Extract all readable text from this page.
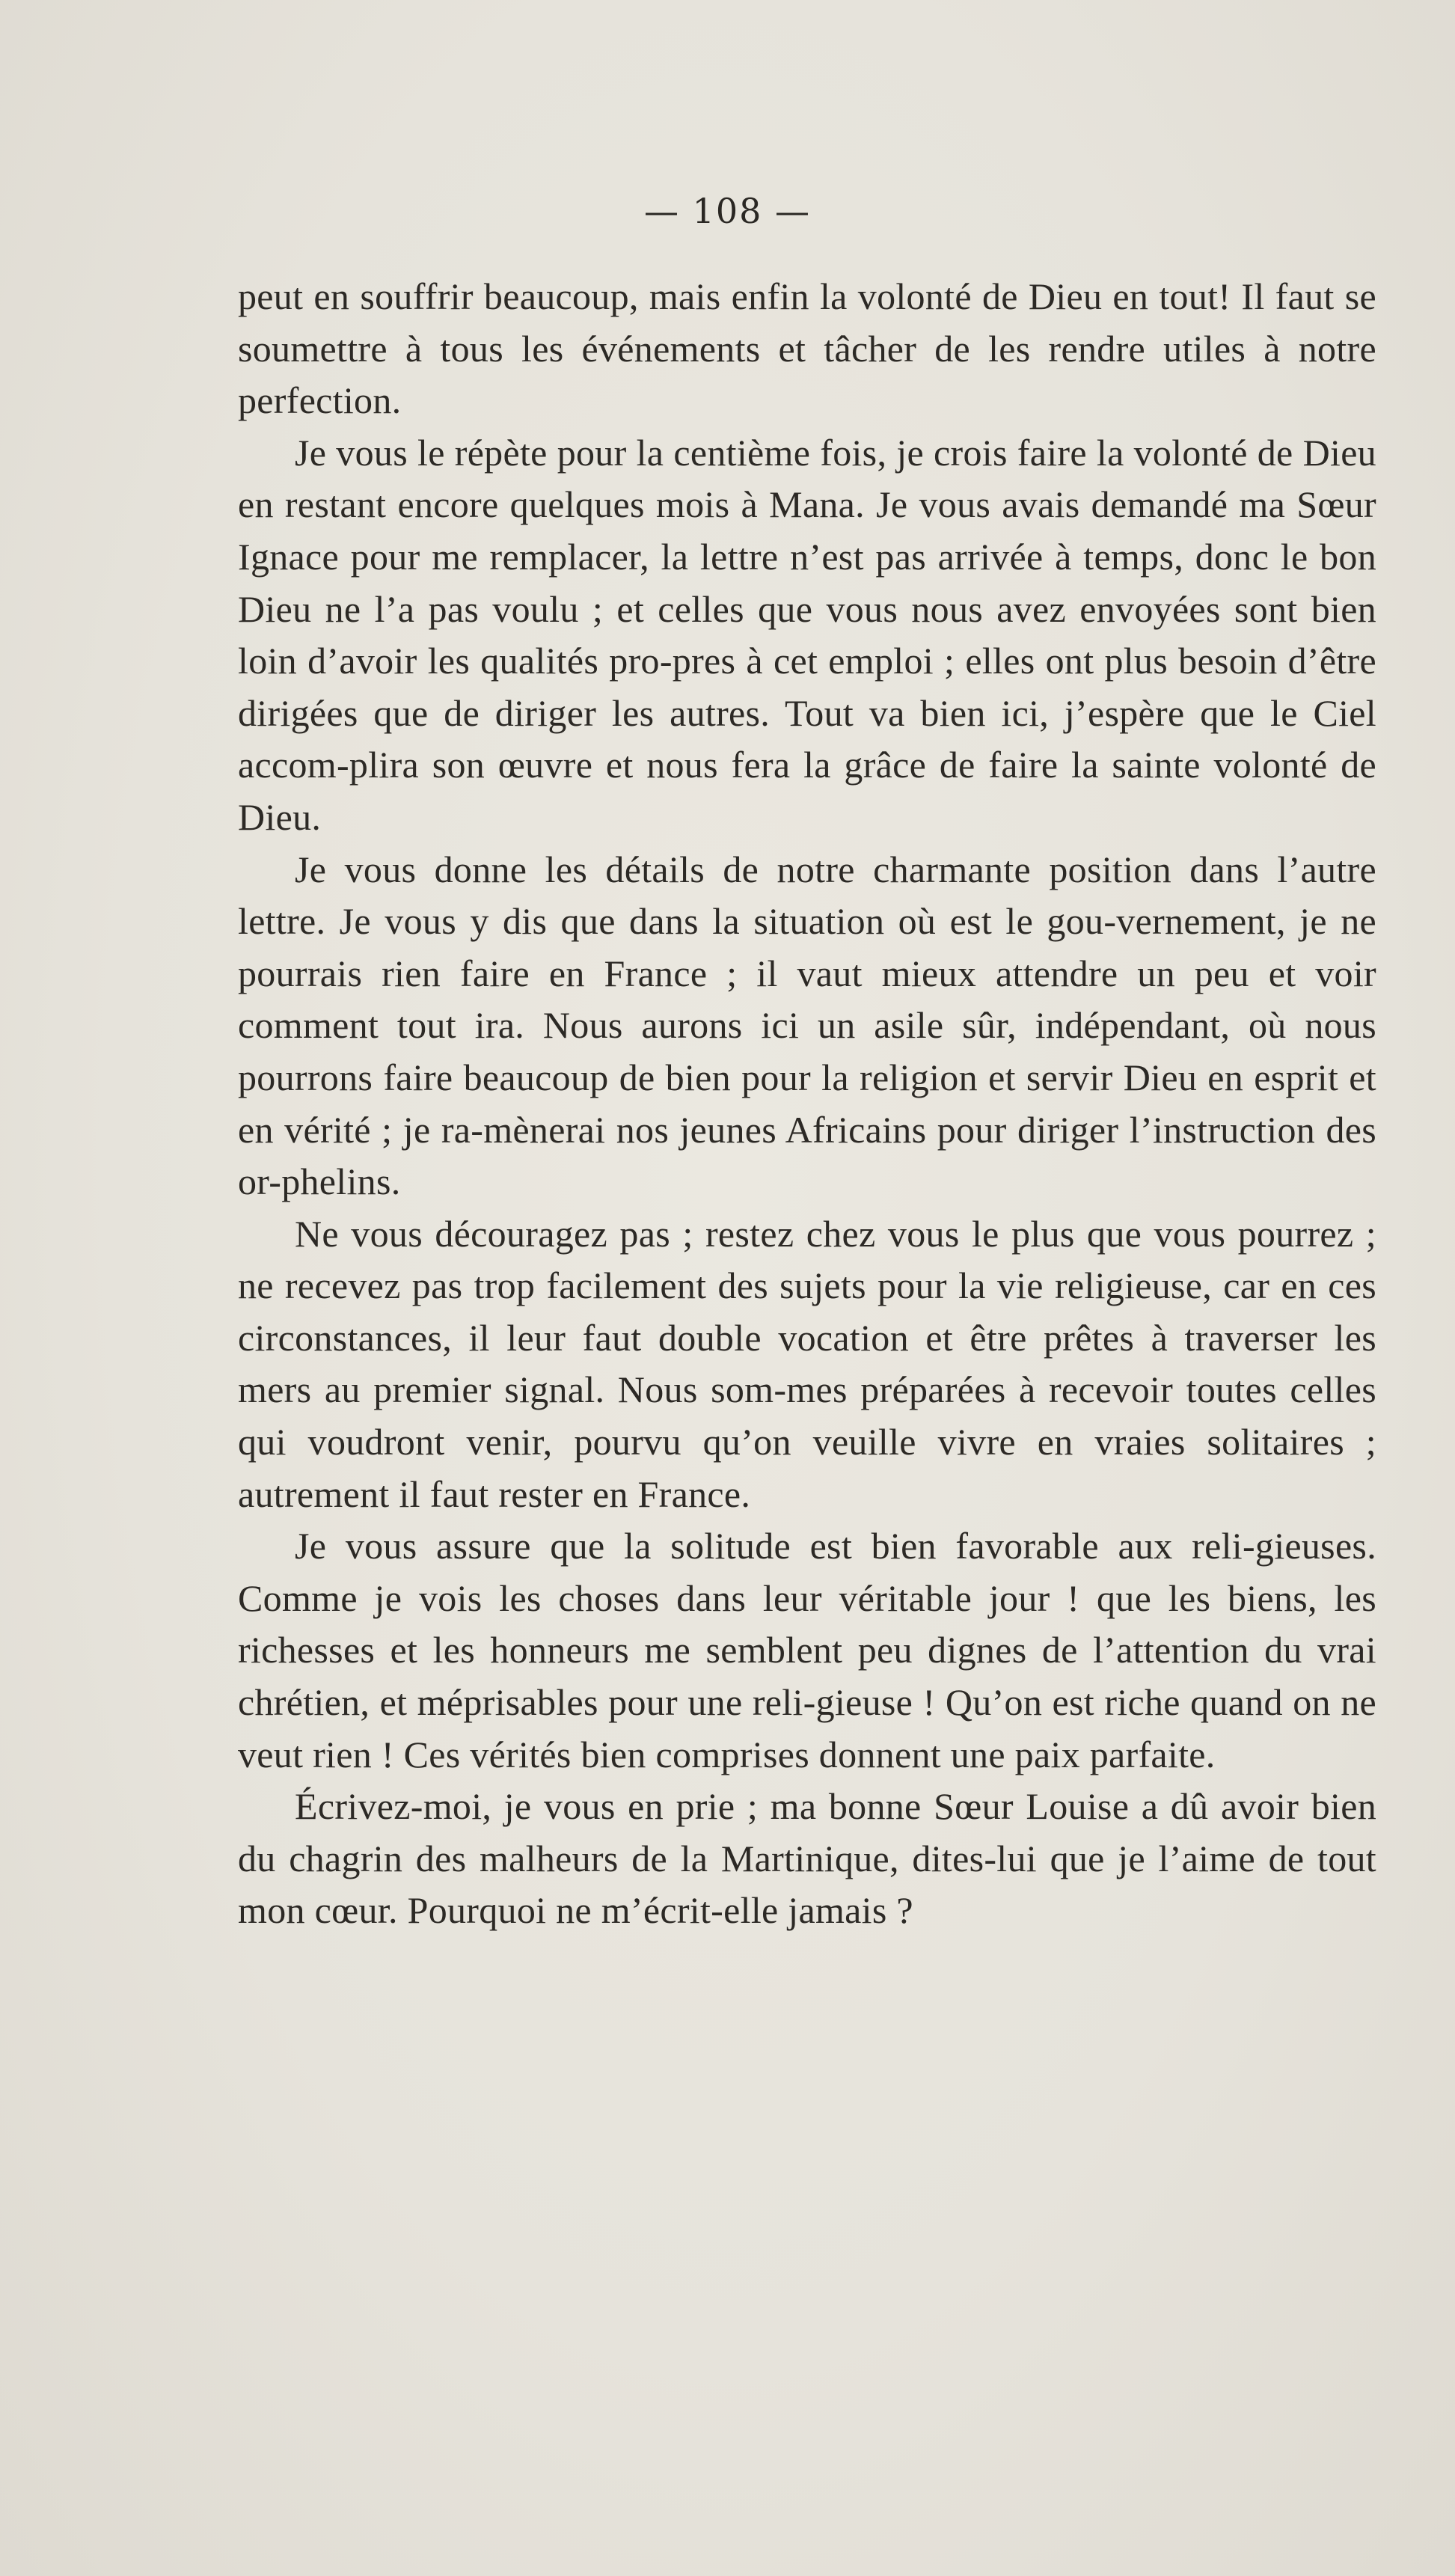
— 108 —

peut en souffrir beaucoup, mais enfin la volonté de Dieu en tout! Il faut se soumettre à tous les événements et tâcher de les rendre utiles à notre perfection.

Je vous le répète pour la centième fois, je crois faire la volonté de Dieu en restant encore quelques mois à Mana. Je vous avais demandé ma Sœur Ignace pour me remplacer, la lettre n’est pas arrivée à temps, donc le bon Dieu ne l’a pas voulu ; et celles que vous nous avez envoyées sont bien loin d’avoir les qualités pro-pres à cet emploi ; elles ont plus besoin d’être dirigées que de diriger les autres. Tout va bien ici, j’espère que le Ciel accom-plira son œuvre et nous fera la grâce de faire la sainte volonté de Dieu.

Je vous donne les détails de notre charmante position dans l’autre lettre. Je vous y dis que dans la situation où est le gou-vernement, je ne pourrais rien faire en France ; il vaut mieux attendre un peu et voir comment tout ira. Nous aurons ici un asile sûr, indépendant, où nous pourrons faire beaucoup de bien pour la religion et servir Dieu en esprit et en vérité ; je ra-mènerai nos jeunes Africains pour diriger l’instruction des or-phelins.

Ne vous découragez pas ; restez chez vous le plus que vous pourrez ; ne recevez pas trop facilement des sujets pour la vie religieuse, car en ces circonstances, il leur faut double vocation et être prêtes à traverser les mers au premier signal. Nous som-mes préparées à recevoir toutes celles qui voudront venir, pourvu qu’on veuille vivre en vraies solitaires ; autrement il faut rester en France.

Je vous assure que la solitude est bien favorable aux reli-gieuses. Comme je vois les choses dans leur véritable jour ! que les biens, les richesses et les honneurs me semblent peu dignes de l’attention du vrai chrétien, et méprisables pour une reli-gieuse ! Qu’on est riche quand on ne veut rien ! Ces vérités bien comprises donnent une paix parfaite.

Écrivez-moi, je vous en prie ; ma bonne Sœur Louise a dû avoir bien du chagrin des malheurs de la Martinique, dites-lui que je l’aime de tout mon cœur. Pourquoi ne m’écrit-elle jamais ?
